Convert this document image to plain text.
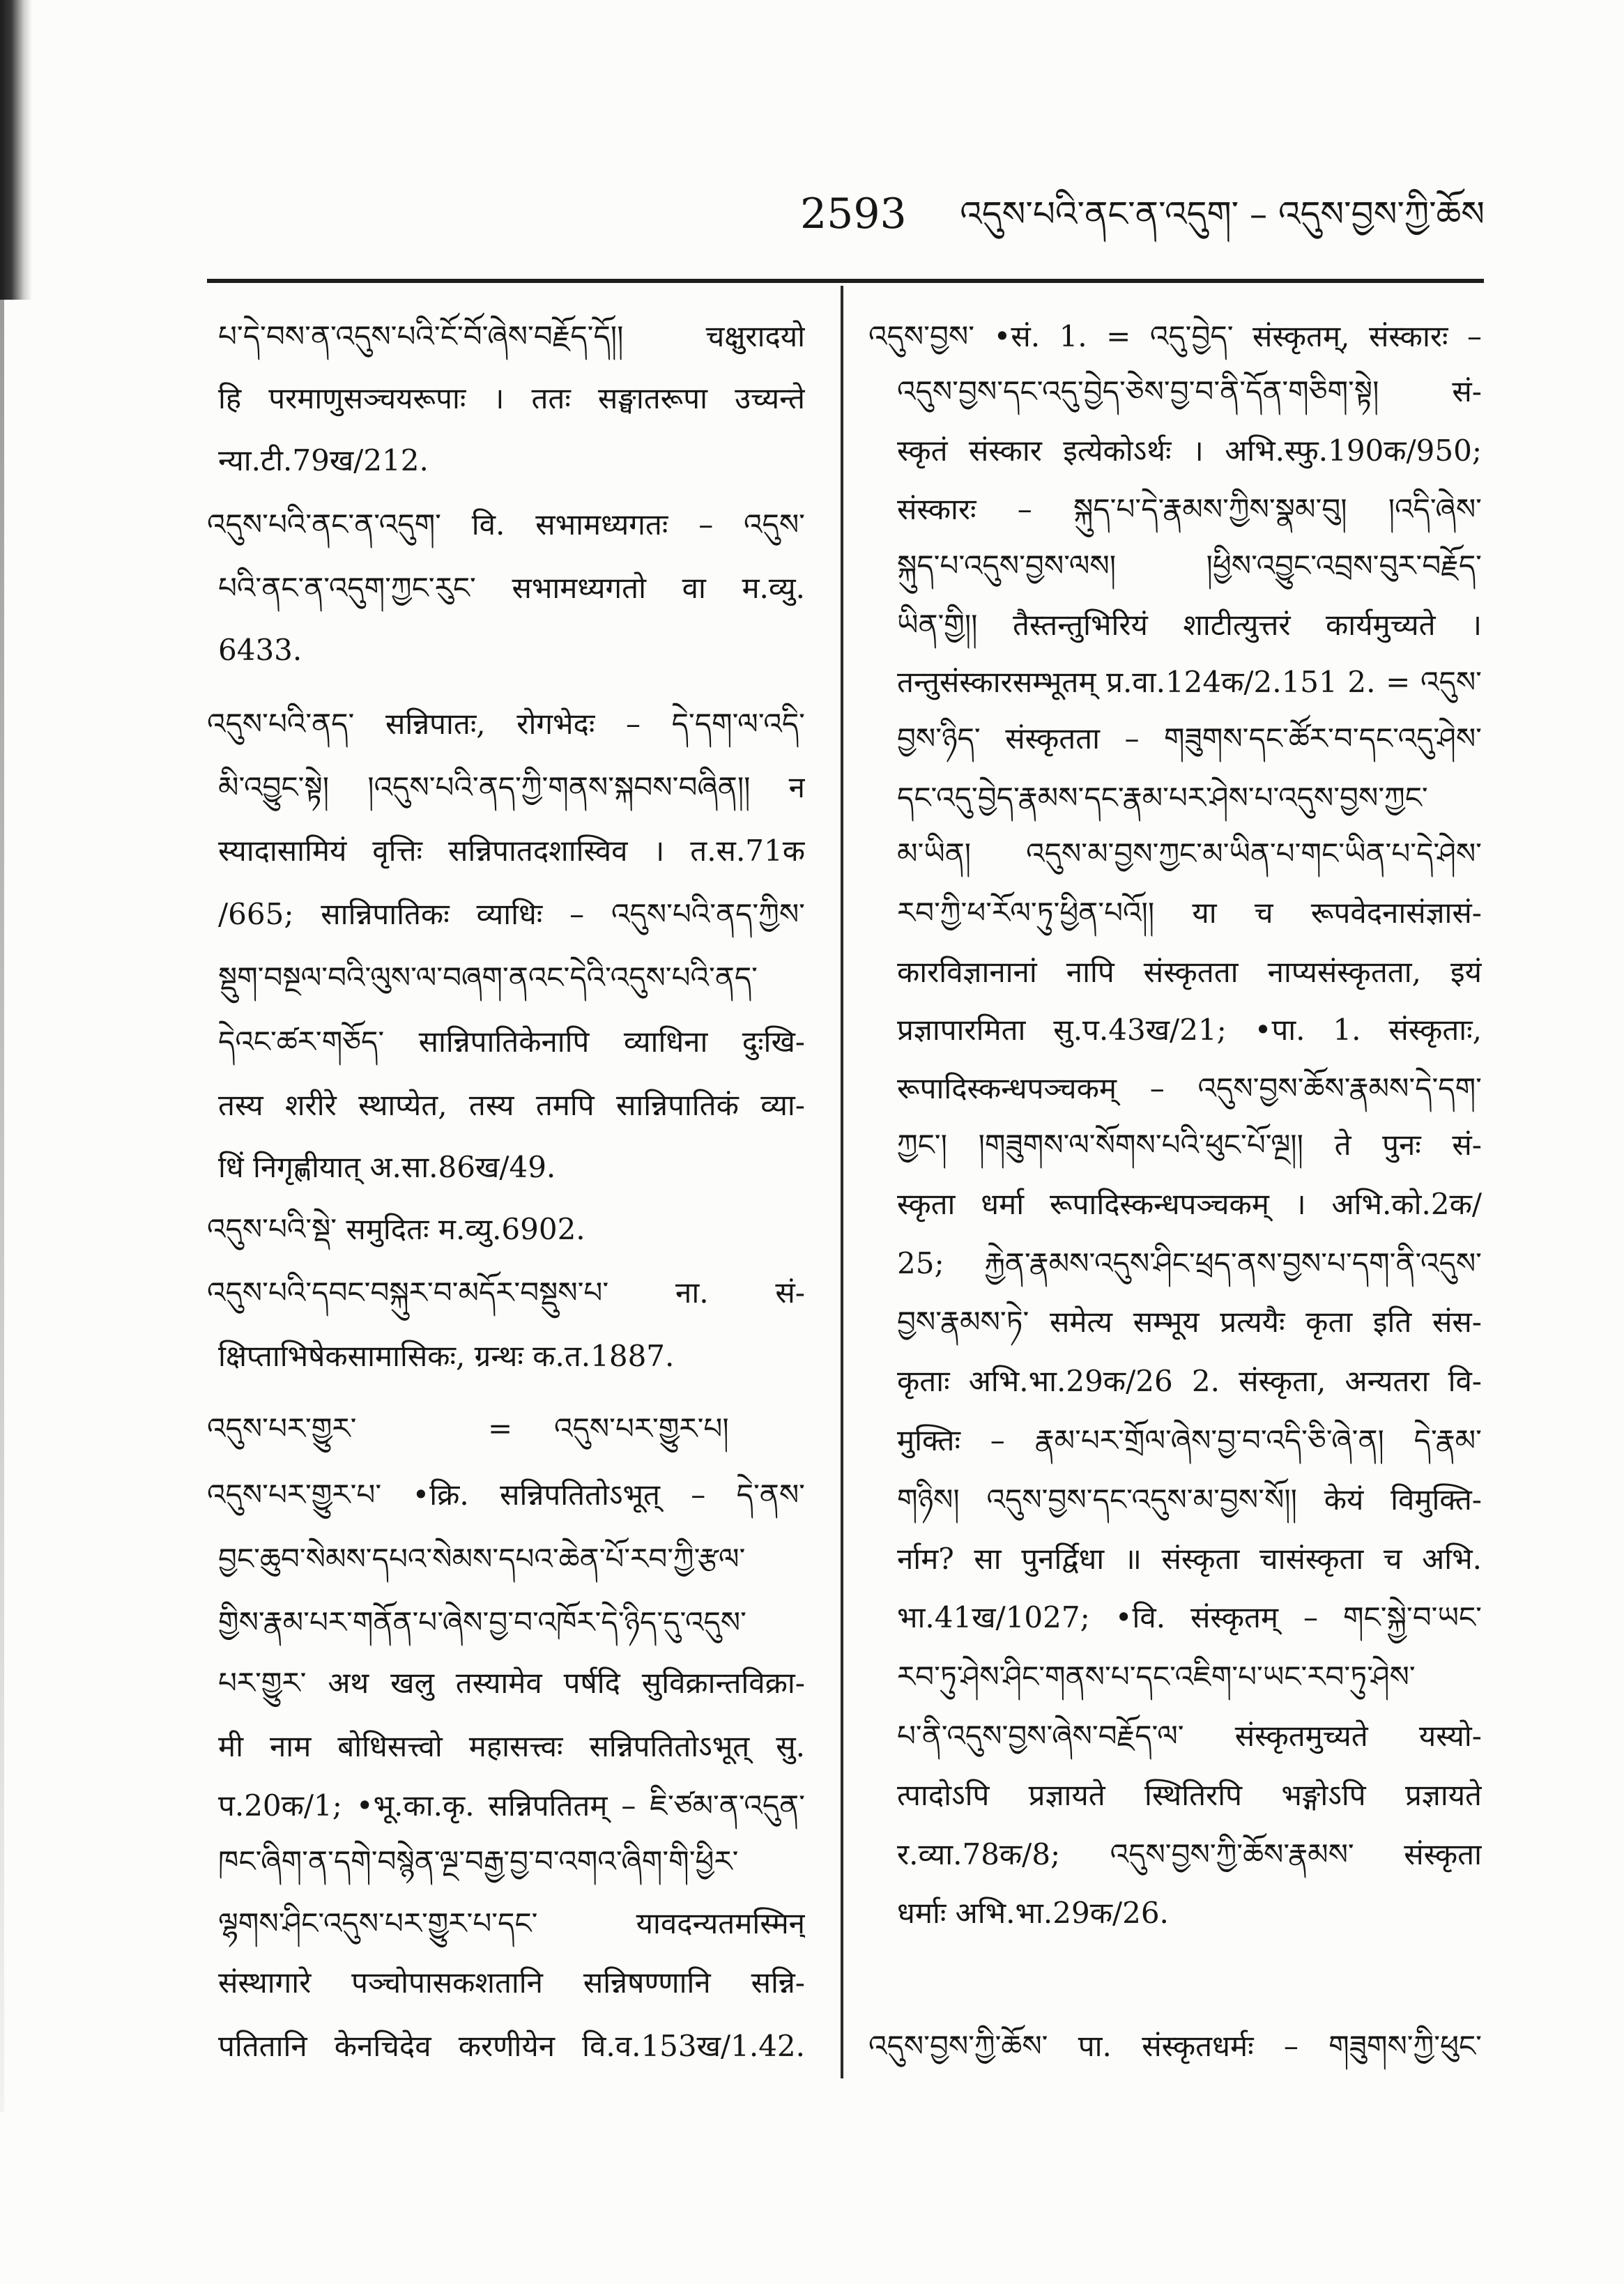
2593 འདུས་པའི་ནང་ན་འདུག་ – འདུས་བྱས་ཀྱི་ཆོས
པ་དེ་བས་ན་འདུས་པའི་ངོ་བོ་ཞེས་བརྗོད་དོ།། चक्षुरादयो
हि परमाणुसञ्चयरूपाः । ततः सङ्घातरूपा उच्यन्ते
न्या.टी.79ख/212.
འདུས་པའི་ནང་ན་འདུག་ वि. सभामध्यगतः – འདུས་
པའི་ནང་ན་འདུག་ཀྱང་རུང་ सभामध्यगतो वा म.व्यु.
6433.
འདུས་པའི་ནད་ सन्निपातः, रोगभेदः – དེ་དག་ལ་འདི་
མི་འབྱུང་སྟེ། །འདུས་པའི་ནད་ཀྱི་གནས་སྐབས་བཞིན།། न
स्यादासामियं वृत्तिः सन्निपातदशास्विव । त.स.71क
/665; सान्निपातिकः व्याधिः – འདུས་པའི་ནད་ཀྱིས་
སྡུག་བསྔལ་བའི་ལུས་ལ་བཞག་ནའང་དེའི་འདུས་པའི་ནད་
དེའང་ཚར་གཅོད་ सान्निपातिकेनापि व्याधिना दुःखि-
तस्य शरीरे स्थाप्येत, तस्य तमपि सान्निपातिकं व्या-
धिं निगृह्णीयात् अ.सा.86ख/49.
འདུས་པའི་སྡེ་ समुदितः म.व्यु.6902.
འདུས་པའི་དབང་བསྐུར་བ་མདོར་བསྡུས་པ་ ना. सं-
क्षिप्ताभिषेकसामासिकः, ग्रन्थः क.त.1887.
འདུས་པར་གྱུར་	=	འདུས་པར་གྱུར་པ།
འདུས་པར་གྱུར་པ་ •क्रि. सन्निपतितोऽभूत् – དེ་ནས་
བྱང་ཆུབ་སེམས་དཔའ་སེམས་དཔའ་ཆེན་པོ་རབ་ཀྱི་རྩལ་
གྱིས་རྣམ་པར་གནོན་པ་ཞེས་བྱ་བ་འཁོར་དེ་ཉིད་དུ་འདུས་
པར་གྱུར་ अथ खलु तस्यामेव पर्षदि सुविक्रान्तविक्रा-
मी नाम बोधिसत्त्वो महासत्त्वः सन्निपतितोऽभूत् सु.
प.20क/1; •भू.का.कृ. सन्निपतितम् – ཇི་ཙམ་ན་འདུན་
ཁང་ཞིག་ན་དགེ་བསྙེན་ལྔ་བརྒྱ་བྱ་བ་འགའ་ཞིག་གི་ཕྱིར་
ལྷགས་ཤིང་འདུས་པར་གྱུར་པ་དང་ यावदन्यतमस्मिन्
संस्थागारे पञ्चोपासकशतानि सन्निषण्णानि सन्नि-
पतितानि केनचिदेव करणीयेन वि.व.153ख/1.42.
འདུས་བྱས་ •सं. 1. = འདུ་བྱེད་ संस्कृतम्, संस्कारः –
འདུས་བྱས་དང་འདུ་བྱེད་ཅེས་བྱ་བ་ནི་དོན་གཅིག་སྟེ། सं-
स्कृतं संस्कार इत्येकोऽर्थः । अभि.स्फु.190क/950;
संस्कारः – སྐུད་པ་དེ་རྣམས་ཀྱིས་སྣམ་བུ། །འདི་ཞེས་
སྐུད་པ་འདུས་བྱས་ལས། །ཕྱིས་འབྱུང་འབྲས་བུར་བརྗོད་
ཡིན་གྱི།། तैस्तन्तुभिरियं शाटीत्युत्तरं कार्यमुच्यते ।
तन्तुसंस्कारसम्भूतम् प्र.वा.124क/2.151 2. = འདུས་
བྱས་ཉིད་ संस्कृतता – གཟུགས་དང་ཚོར་བ་དང་འདུ་ཤེས་
དང་འདུ་བྱེད་རྣམས་དང་རྣམ་པར་ཤེས་པ་འདུས་བྱས་ཀྱང་
མ་ཡིན། འདུས་མ་བྱས་ཀྱང་མ་ཡིན་པ་གང་ཡིན་པ་དེ་ཤེས་
རབ་ཀྱི་ཕ་རོལ་ཏུ་ཕྱིན་པའོ།། या च रूपवेदनासंज्ञासं-
कारविज्ञानानां नापि संस्कृतता नाप्यसंस्कृतता, इयं
प्रज्ञापारमिता सु.प.43ख/21; •पा. 1. संस्कृताः,
रूपादिस्कन्धपञ्चकम् – འདུས་བྱས་ཆོས་རྣམས་དེ་དག་
ཀྱང་། །གཟུགས་ལ་སོགས་པའི་ཕུང་པོ་ལྔ།། ते पुनः सं-
स्कृता धर्मा रूपादिस्कन्धपञ्चकम् । अभि.को.2क/
25; རྐྱེན་རྣམས་འདུས་ཤིང་ཕྲད་ནས་བྱས་པ་དག་ནི་འདུས་
བྱས་རྣམས་ཏེ་ समेत्य सम्भूय प्रत्ययैः कृता इति संस-
कृताः अभि.भा.29क/26 2. संस्कृता, अन्यतरा वि-
मुक्तिः – རྣམ་པར་གྲོལ་ཞེས་བྱ་བ་འདི་ཅི་ཞེ་ན། དེ་རྣམ་
གཉིས། འདུས་བྱས་དང་འདུས་མ་བྱས་སོ།། केयं विमुक्ति-
र्नाम? सा पुनर्द्विधा ॥ संस्कृता चासंस्कृता च अभि.
भा.41ख/1027; •वि. संस्कृतम् – གང་སྐྱེ་བ་ཡང་
རབ་ཏུ་ཤེས་ཤིང་གནས་པ་དང་འཇིག་པ་ཡང་རབ་ཏུ་ཤེས་
པ་ནི་འདུས་བྱས་ཞེས་བརྗོད་ལ་ संस्कृतमुच्यते यस्यो-
त्पादोऽपि प्रज्ञायते स्थितिरपि भङ्गोऽपि प्रज्ञायते
र.व्या.78क/8; འདུས་བྱས་ཀྱི་ཆོས་རྣམས་ संस्कृता
धर्माः अभि.भा.29क/26.
འདུས་བྱས་ཀྱི་ཆོས་ पा. संस्कृतधर्मः – གཟུགས་ཀྱི་ཕུང་
